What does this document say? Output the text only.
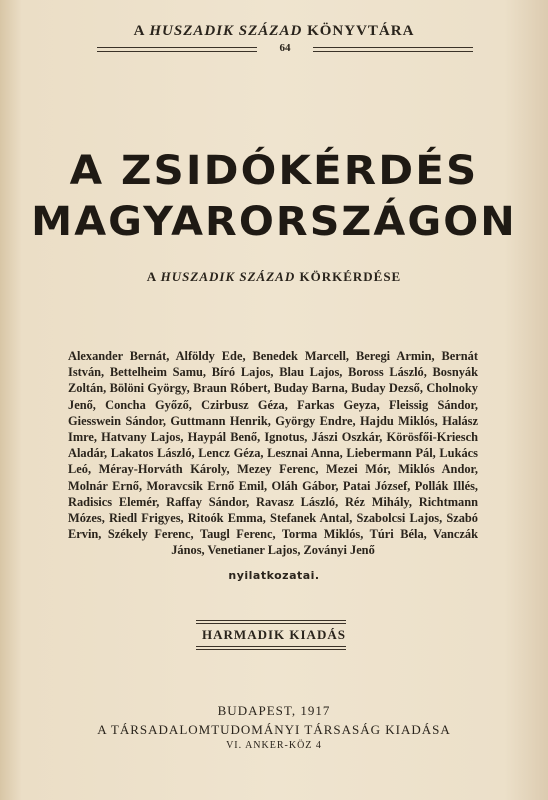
A HUSZADIK SZÁZAD KÖNYVTÁRA
64
A ZSIDÓKÉRDÉS
MAGYARORSZÁGON
A HUSZADIK SZÁZAD KÖRKÉRDÉSE
Alexander Bernát, Alföldy Ede, Benedek Marcell, Beregi Armin, Bernát István, Bettelheim Samu, Bíró Lajos, Blau Lajos, Boross László, Bosnyák Zoltán, Bölöni György, Braun Róbert, Buday Barna, Buday Dezső, Cholnoky Jenő, Concha Győző, Czirbusz Géza, Farkas Geyza, Fleissig Sándor, Giesswein Sándor, Guttmann Henrik, György Endre, Hajdu Miklós, Halász Imre, Hatvany Lajos, Haypál Benő, Ignotus, Jászi Oszkár, Körösfői-Kriesch Aladár, Lakatos László, Lencz Géza, Lesznai Anna, Liebermann Pál, Lukács Leó, Méray-Horváth Károly, Mezey Ferenc, Mezei Mór, Miklós Andor, Molnár Ernő, Moravcsik Ernő Emil, Oláh Gábor, Patai József, Pollák Illés, Radisics Elemér, Raffay Sándor, Ravasz László, Réz Mihály, Richtmann Mózes, Riedl Frigyes, Ritoók Emma, Stefanek Antal, Szabolcsi Lajos, Szabó Ervin, Székely Ferenc, Taugl Ferenc, Torma Miklós, Túri Béla, Vanczák János, Venetianer Lajos, Zoványi Jenő
nyilatkozatai.
HARMADIK KIADÁS
BUDAPEST, 1917
A TÁRSADALOMTUDOMÁNYI TÁRSASÁG KIADÁSA
VI. ANKER-KÖZ 4
